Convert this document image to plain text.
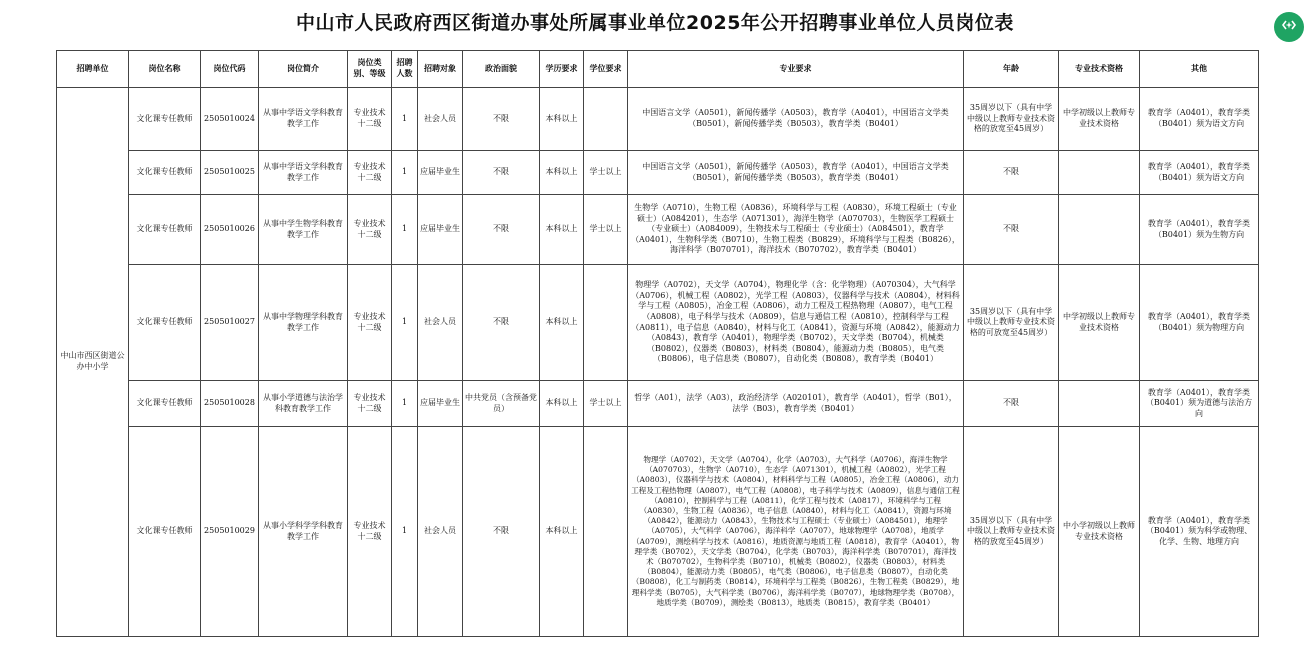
中山市人民政府西区街道办事处所属事业单位2025年公开招聘事业单位人员岗位表
招聘单位	岗位名称	岗位代码	岗位简介	岗位类别、等级	招聘人数	招聘对象	政治面貌	学历要求	学位要求	专业要求	年龄	专业技术资格	其他
中山市西区街道公办中小学	文化课专任教师	2505010024	从事中学语文学科教育教学工作	专业技术十二级	1	社会人员	不限	本科以上		中国语言文学（A0501），新闻传播学（A0503），教育学（A0401），中国语言文学类（B0501），新闻传播学类（B0503），教育学类（B0401）	35周岁以下（具有中学中级以上教师专业技术资格的放宽至45周岁）	中学初级以上教师专业技术资格	教育学（A0401），教育学类（B0401）须为语文方向
	文化课专任教师	2505010025	从事中学语文学科教育教学工作	专业技术十二级	1	应届毕业生	不限	本科以上	学士以上	中国语言文学（A0501），新闻传播学（A0503），教育学（A0401），中国语言文学类（B0501），新闻传播学类（B0503），教育学类（B0401）	不限		教育学（A0401），教育学类（B0401）须为语文方向
	文化课专任教师	2505010026	从事中学生物学科教育教学工作	专业技术十二级	1	应届毕业生	不限	本科以上	学士以上	生物学（A0710），生物工程（A0836），环境科学与工程（A0830），环境工程硕士（专业硕士）（A084201），生态学（A071301），海洋生物学（A070703），生物医学工程硕士（专业硕士）（A084009），生物技术与工程硕士（专业硕士）（A084501），教育学（A0401），生物科学类（B0710），生物工程类（B0829），环境科学与工程类（B0826），海洋科学（B070701），海洋技术（B070702），教育学类（B0401）	不限		教育学（A0401），教育学类（B0401）须为生物方向
	文化课专任教师	2505010027	从事中学物理学科教育教学工作	专业技术十二级	1	社会人员	不限	本科以上		物理学（A0702），天文学（A0704），物理化学（含：化学物理）（A070304），大气科学（A0706），机械工程（A0802），光学工程（A0803），仪器科学与技术（A0804），材料科学与工程（A0805），冶金工程（A0806），动力工程及工程热物理（A0807），电气工程（A0808），电子科学与技术（A0809），信息与通信工程（A0810），控制科学与工程（A0811），电子信息（A0840），材料与化工（A0841），资源与环境（A0842），能源动力（A0843），教育学（A0401），物理学类（B0702），天文学类（B0704），机械类（B0802），仪器类（B0803），材料类（B0804），能源动力类（B0805），电气类（B0806），电子信息类（B0807），自动化类（B0808），教育学类（B0401）	35周岁以下（具有中学中级以上教师专业技术资格的可放宽至45周岁）	中学初级以上教师专业技术资格	教育学（A0401），教育学类（B0401）须为物理方向
	文化课专任教师	2505010028	从事小学道德与法治学科教育教学工作	专业技术十二级	1	应届毕业生	中共党员（含预备党员）	本科以上	学士以上	哲学（A01），法学（A03），政治经济学（A020101），教育学（A0401），哲学（B01），法学（B03），教育学类（B0401）	不限		教育学（A0401），教育学类（B0401）须为道德与法治方向
	文化课专任教师	2505010029	从事小学科学学科教育教学工作	专业技术十二级	1	社会人员	不限	本科以上		物理学（A0702），天文学（A0704），化学（A0703），大气科学（A0706），海洋生物学（A070703），生物学（A0710），生态学（A071301），机械工程（A0802），光学工程（A0803），仪器科学与技术（A0804），材料科学与工程（A0805），冶金工程（A0806），动力工程及工程热物理（A0807），电气工程（A0808），电子科学与技术（A0809），信息与通信工程（A0810），控制科学与工程（A0811），化学工程与技术（A0817），环境科学与工程（A0830），生物工程（A0836），电子信息（A0840），材料与化工（A0841），资源与环境（A0842），能源动力（A0843），生物技术与工程硕士（专业硕士）（A084501），地理学（A0705），大气科学（A0706），海洋科学（A0707），地球物理学（A0708），地质学（A0709），测绘科学与技术（A0816），地质资源与地质工程（A0818），教育学（A0401），物理学类（B0702），天文学类（B0704），化学类（B0703），海洋科学类（B070701），海洋技术（B070702），生物科学类（B0710），机械类（B0802），仪器类（B0803），材料类（B0804），能源动力类（B0805），电气类（B0806），电子信息类（B0807），自动化类（B0808），化工与制药类（B0814），环境科学与工程类（B0826），生物工程类（B0829），地理科学类（B0705），大气科学类（B0706），海洋科学类（B0707），地球物理学类（B0708），地质学类（B0709），测绘类（B0813），地质类（B0815），教育学类（B0401）	35周岁以下（具有中学中级以上教师专业技术资格的放宽至45周岁）	中小学初级以上教师专业技术资格	教育学（A0401），教育学类（B0401）须为科学或物理、化学、生物、地理方向
